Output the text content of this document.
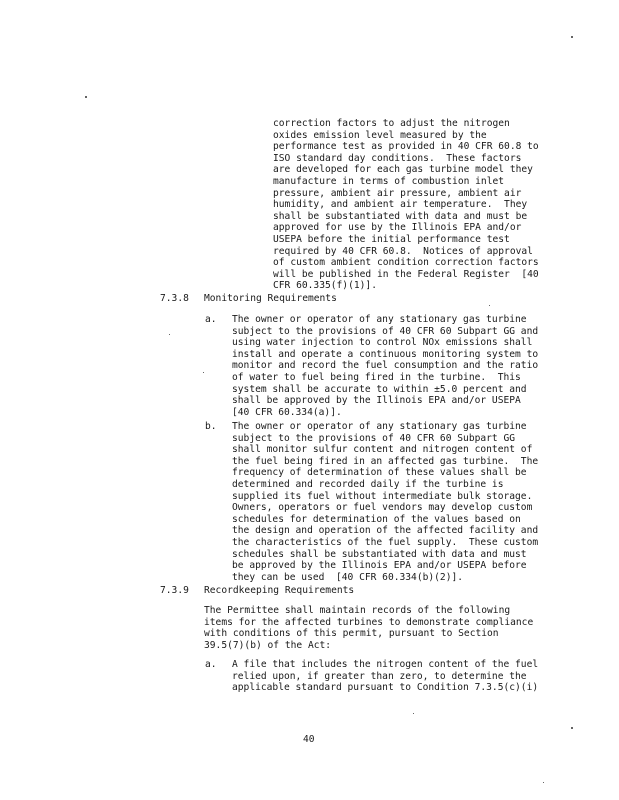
correction factors to adjust the nitrogen
oxides emission level measured by the
performance test as provided in 40 CFR 60.8 to
ISO standard day conditions.  These factors
are developed for each gas turbine model they
manufacture in terms of combustion inlet
pressure, ambient air pressure, ambient air
humidity, and ambient air temperature.  They
shall be substantiated with data and must be
approved for use by the Illinois EPA and/or
USEPA before the initial performance test
required by 40 CFR 60.8.  Notices of approval
of custom ambient condition correction factors
will be published in the Federal Register  [40
CFR 60.335(f)(1)].
7.3.8 Monitoring Requirements
a. The owner or operator of any stationary gas turbine
subject to the provisions of 40 CFR 60 Subpart GG and
using water injection to control NOx emissions shall
install and operate a continuous monitoring system to
monitor and record the fuel consumption and the ratio
of water to fuel being fired in the turbine.  This
system shall be accurate to within ±5.0 percent and
shall be approved by the Illinois EPA and/or USEPA
[40 CFR 60.334(a)].
b. The owner or operator of any stationary gas turbine
subject to the provisions of 40 CFR 60 Subpart GG
shall monitor sulfur content and nitrogen content of
the fuel being fired in an affected gas turbine.  The
frequency of determination of these values shall be
determined and recorded daily if the turbine is
supplied its fuel without intermediate bulk storage.
Owners, operators or fuel vendors may develop custom
schedules for determination of the values based on
the design and operation of the affected facility and
the characteristics of the fuel supply.  These custom
schedules shall be substantiated with data and must
be approved by the Illinois EPA and/or USEPA before
they can be used  [40 CFR 60.334(b)(2)].
7.3.9 Recordkeeping Requirements
The Permittee shall maintain records of the following
items for the affected turbines to demonstrate compliance
with conditions of this permit, pursuant to Section
39.5(7)(b) of the Act:
a. A file that includes the nitrogen content of the fuel
relied upon, if greater than zero, to determine the
applicable standard pursuant to Condition 7.3.5(c)(i)
40
